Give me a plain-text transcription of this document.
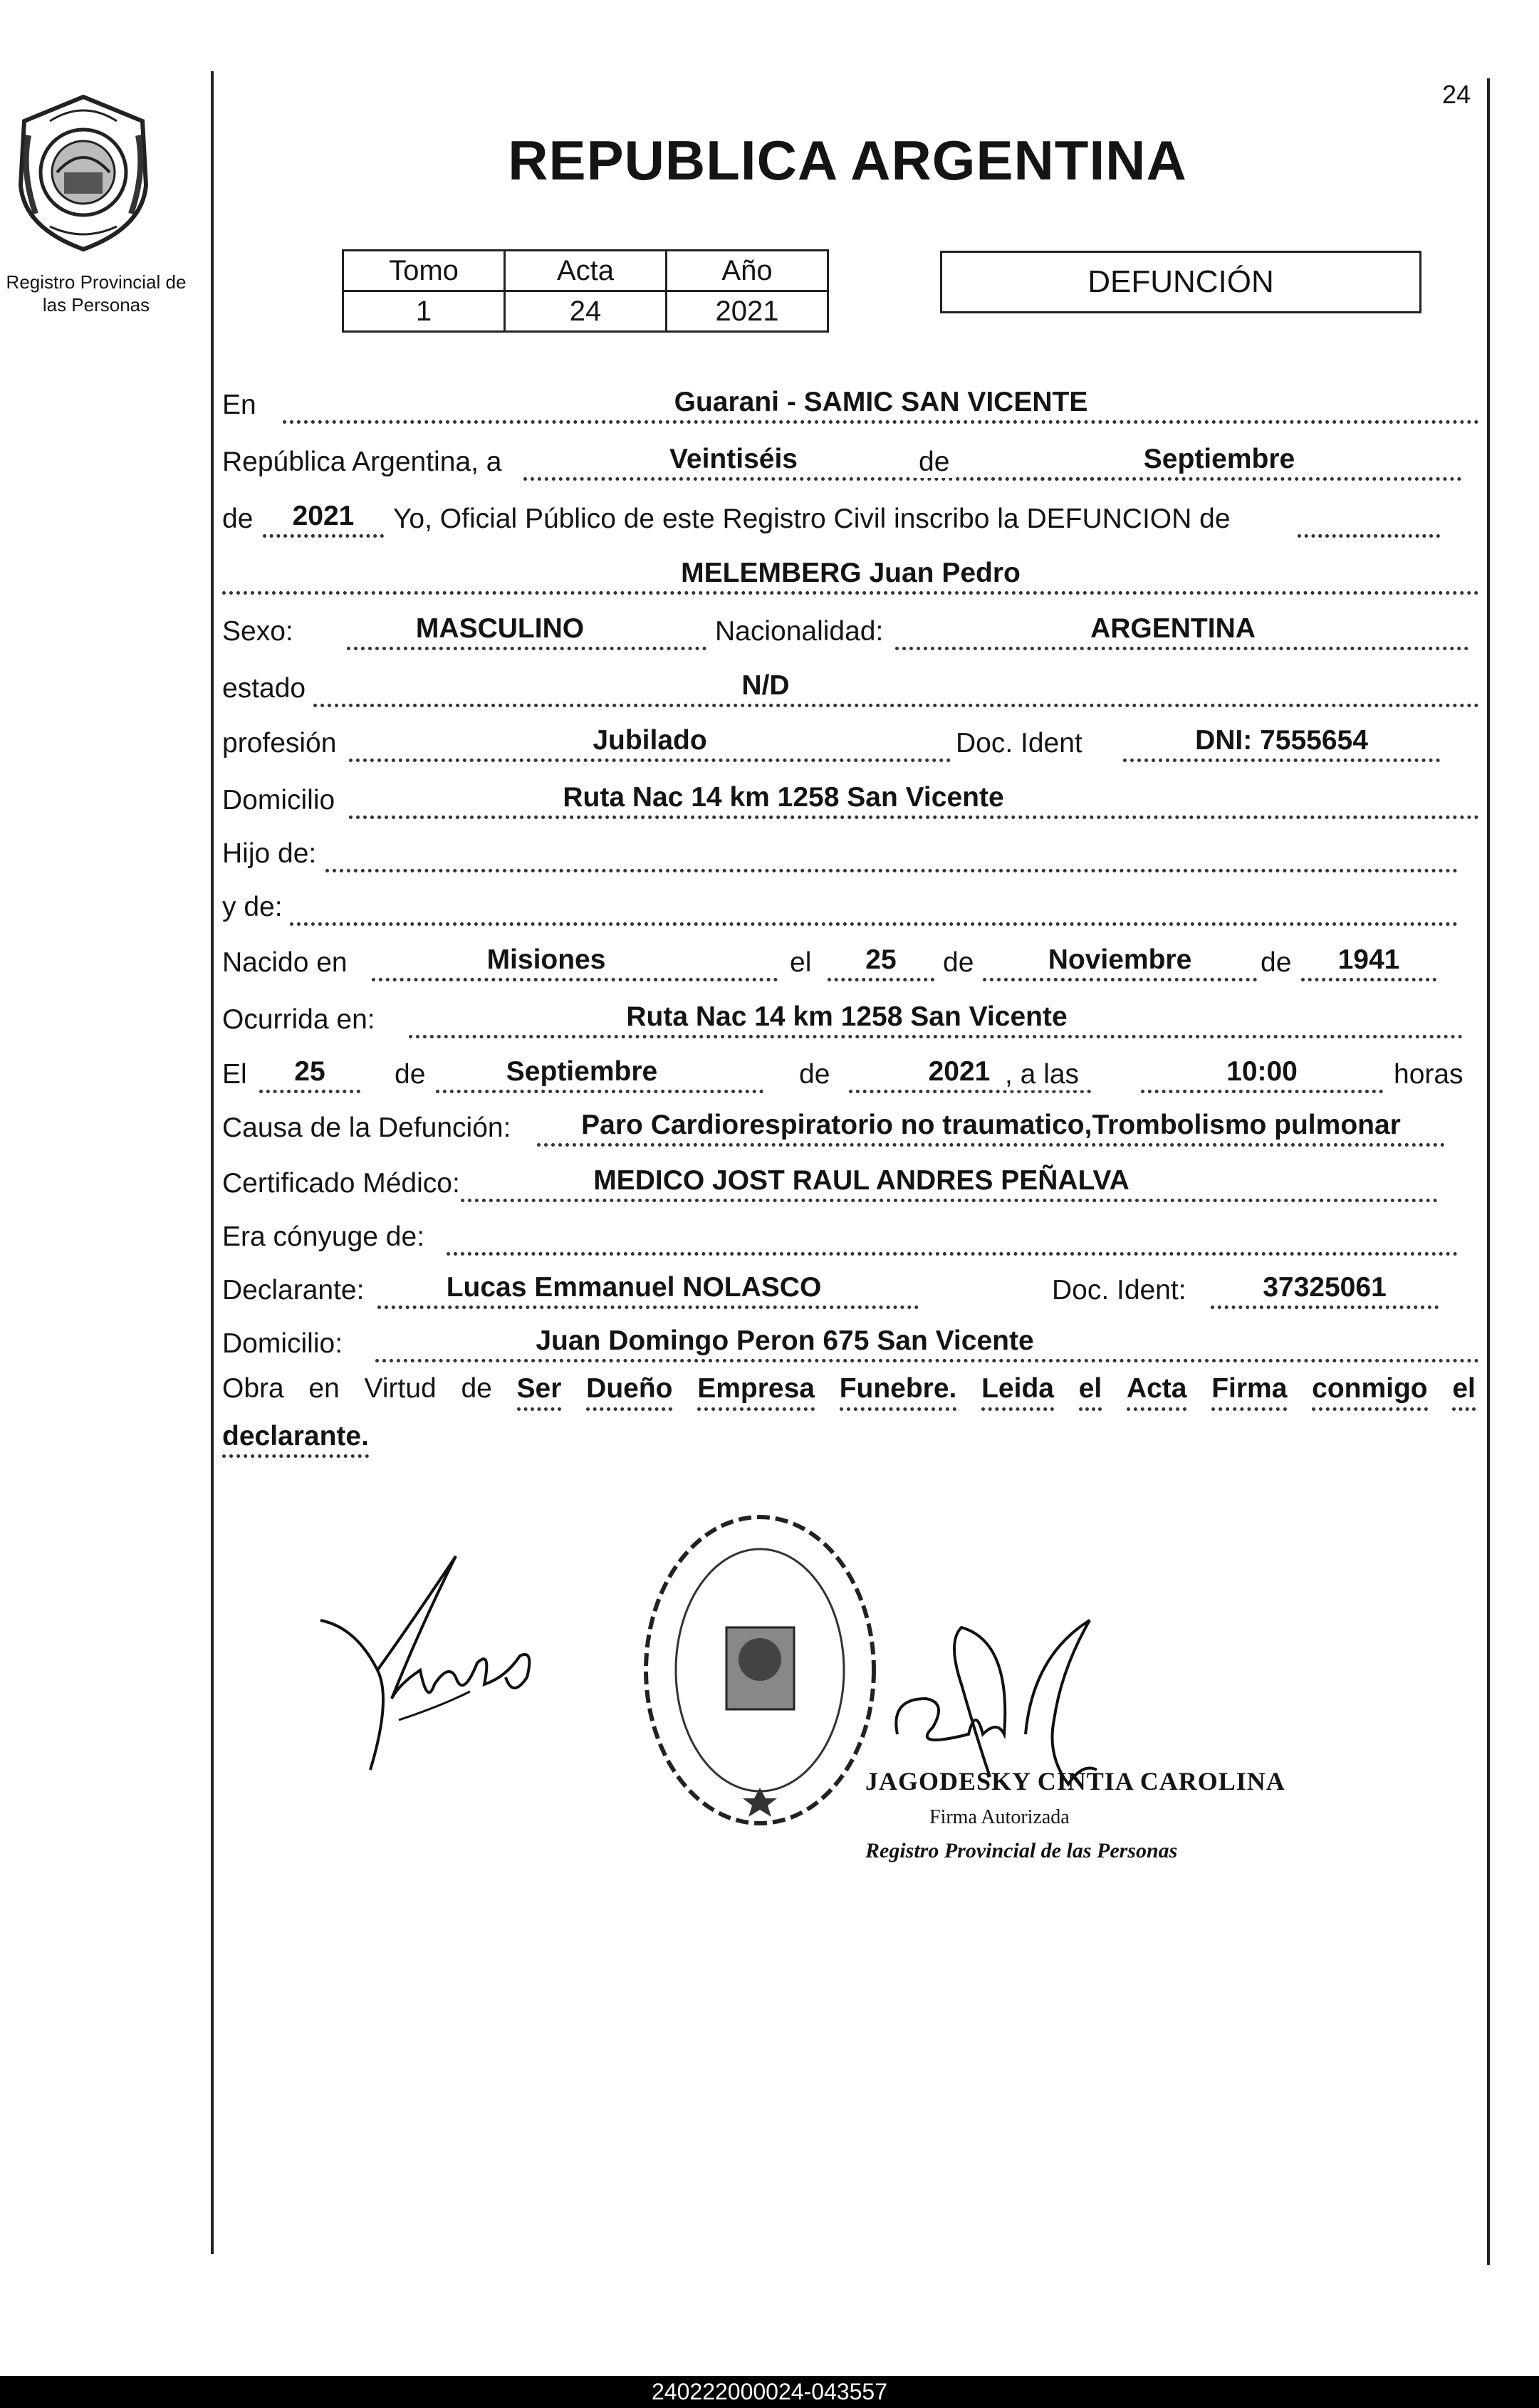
Registro Provincial de las Personas
24
REPUBLICA ARGENTINA
Tomo	Acta	Año
1	24	2021
DEFUNCIÓN
En	Guarani - SAMIC SAN VICENTE
República Argentina, a	Veintiséis	de	Septiembre
de	2021	Yo, Oficial Público de este Registro Civil inscribo la DEFUNCION de
MELEMBERG Juan Pedro
Sexo:	MASCULINO	Nacionalidad:	ARGENTINA
estado	N/D
profesión	Jubilado	Doc. Ident	DNI: 7555654
Domicilio	Ruta Nac 14 km 1258 San Vicente
Hijo de:
y de:
Nacido en	Misiones	el	25	de	Noviembre	de	1941
Ocurrida en:	Ruta Nac 14 km 1258 San Vicente
El	25	de	Septiembre	de	2021 , a las	10:00	horas
Causa de la Defunción:	Paro Cardiorespiratorio no traumatico,Trombolismo pulmonar
Certificado Médico:	MEDICO JOST RAUL ANDRES PEÑALVA
Era cónyuge de:
Declarante:	Lucas Emmanuel NOLASCO	Doc. Ident:	37325061
Domicilio:	Juan Domingo Peron 675 San Vicente
Obra en Virtud de Ser Dueño Empresa Funebre. Leida el Acta Firma conmigo el
declarante.
JAGODESKY CINTIA CAROLINA
Firma Autorizada
Registro Provincial de las Personas
240222000024-043557
